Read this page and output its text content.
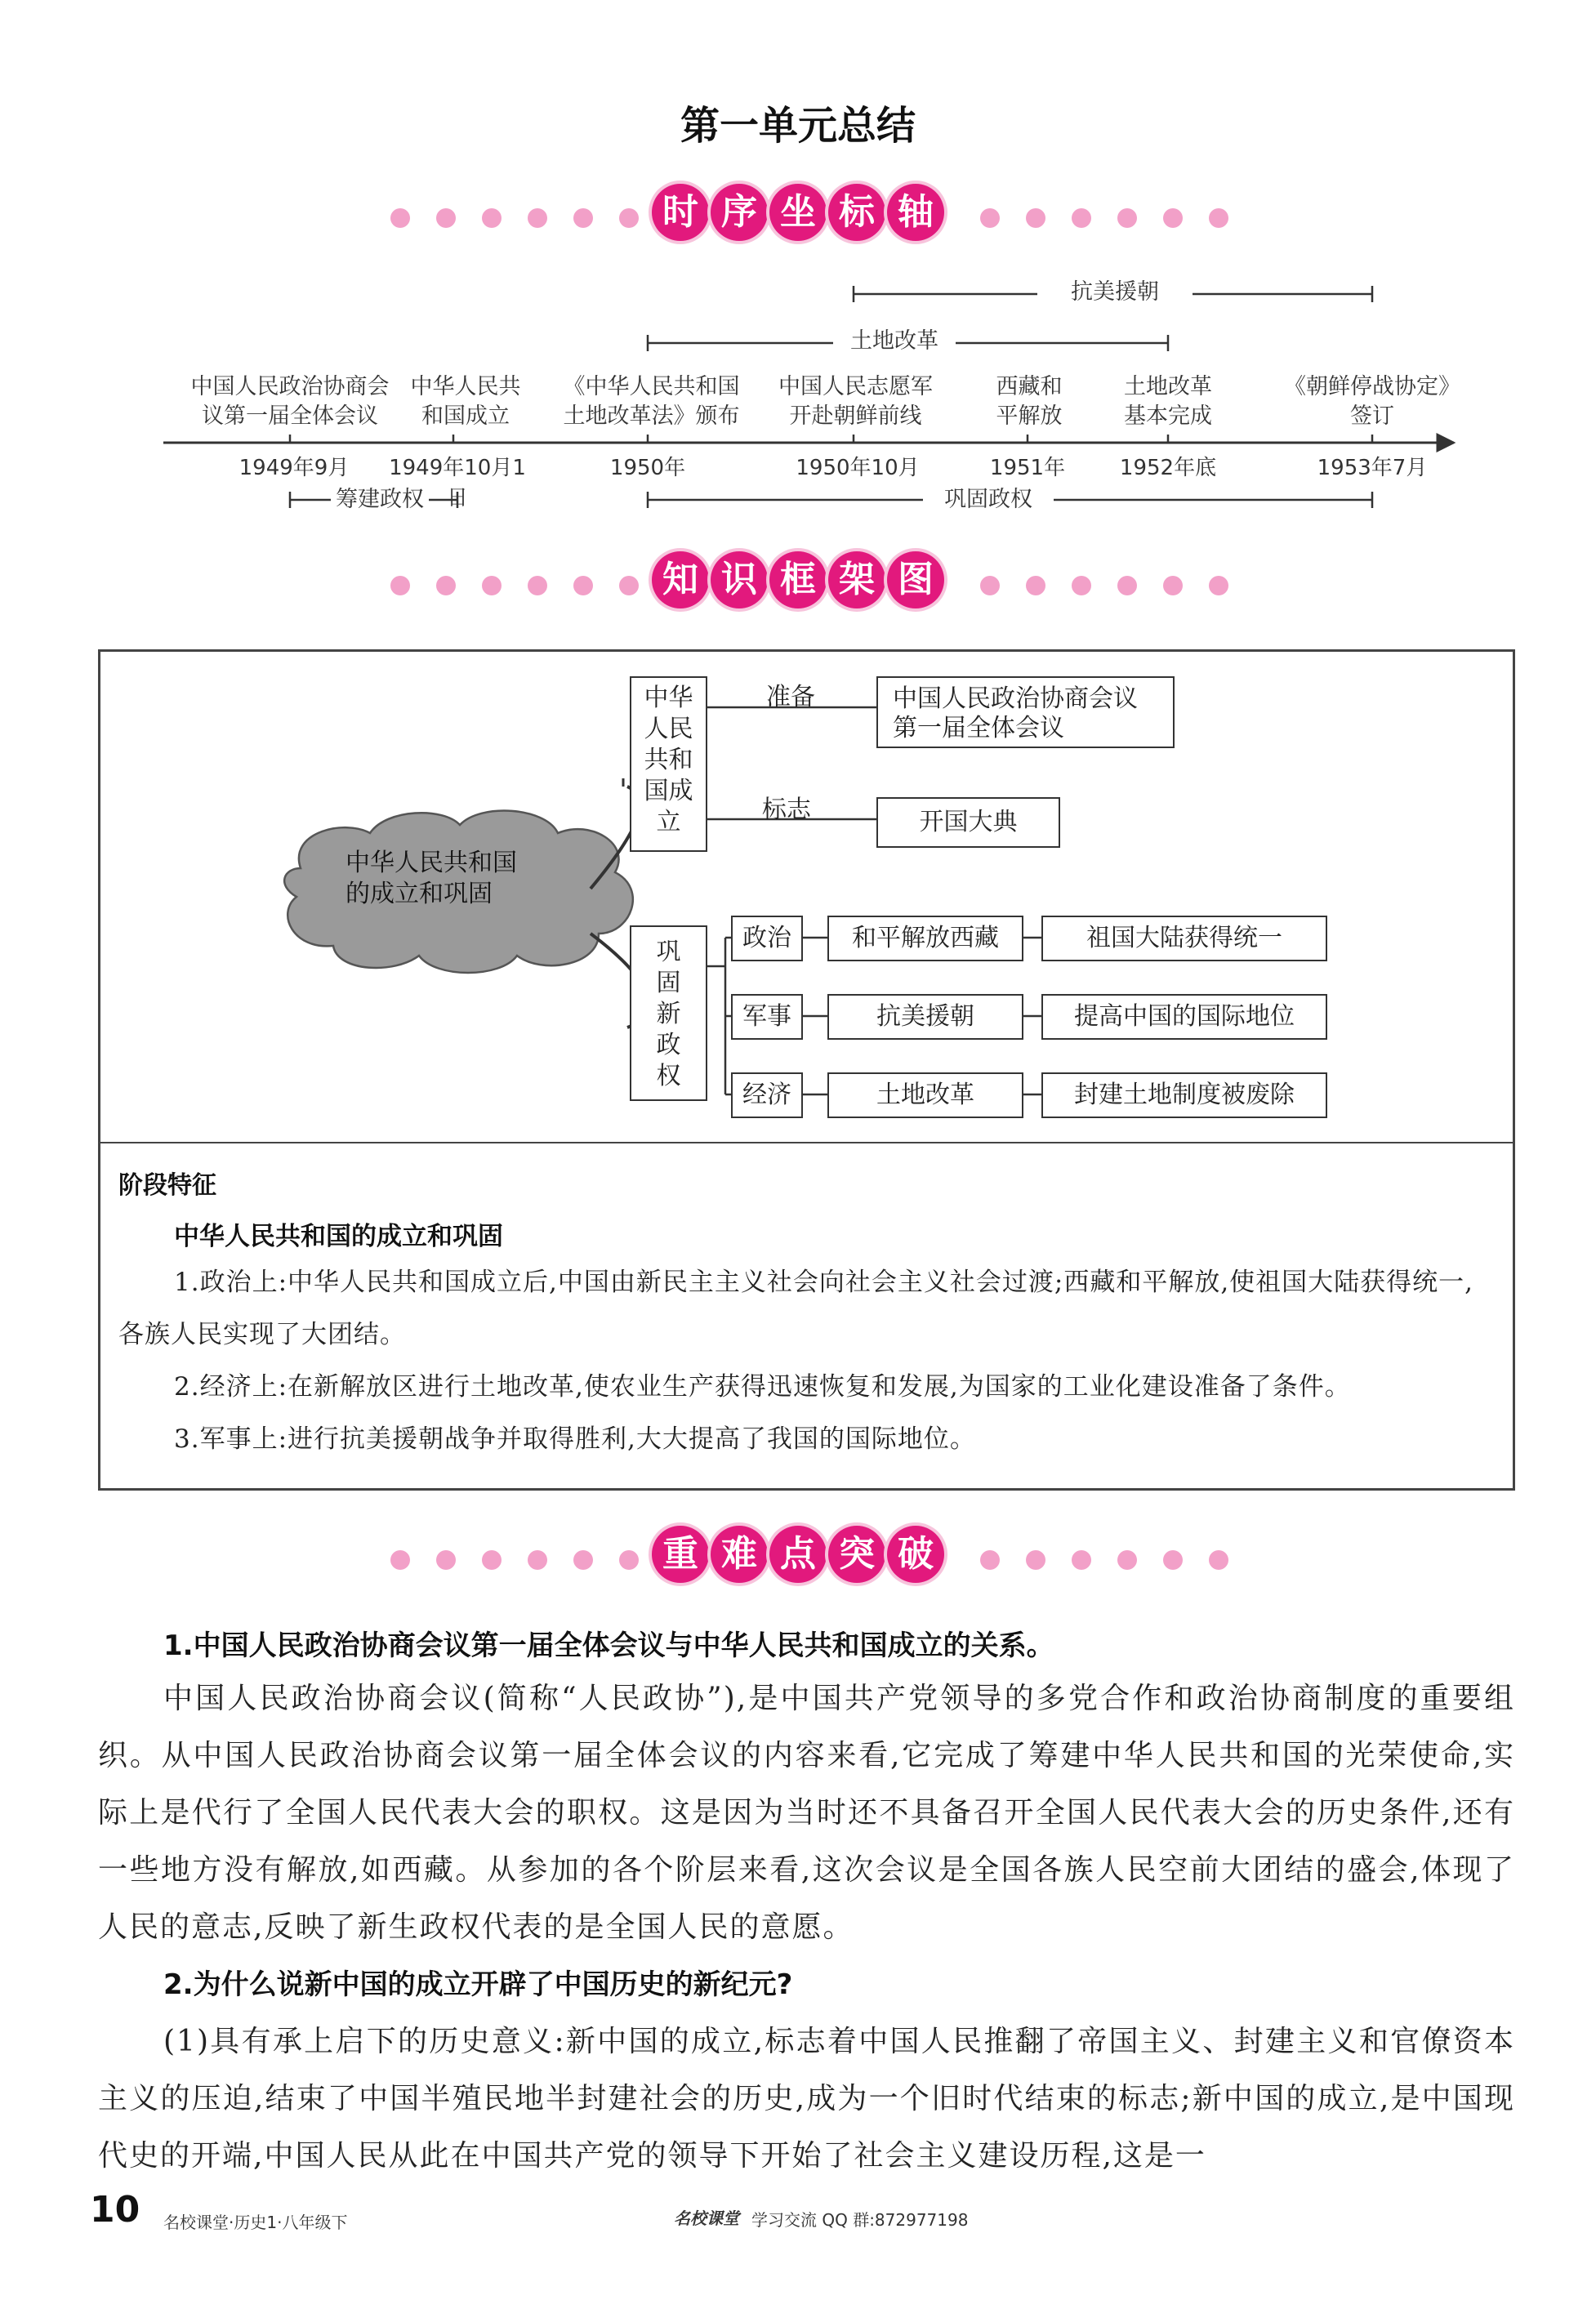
第一单元总结
时 序 坐 标 轴
抗美援朝
土地改革
中国人民政治协商会
议第一届全体会议
中华人民共
和国成立
《中华人民共和国
土地改革法》颁布
中国人民志愿军
开赴朝鲜前线
西藏和
平解放
土地改革
基本完成
《朝鲜停战协定》
签订
1949年9月 1949年10月1日
1950年	1950年10月	1951年	1952年底	1953年7月
筹建政权	巩固政权
知 识 框 架 图
中华人民共和国
的成立和巩固
中华
人民
共和
国成
立
准备	中国人民政治协商会议
第一届全体会议
标志	开国大典
巩
固
新
政
权
政治	和平解放西藏	祖国大陆获得统一
军事	抗美援朝	提高中国的国际地位
经济	土地改革	封建土地制度被废除
阶段特征
中华人民共和国的成立和巩固
1.政治上:中华人民共和国成立后,中国由新民主主义社会向社会主义社会过渡;西藏和平解放,使祖国大陆获得统一,各族人民实现了大团结。
2.经济上:在新解放区进行土地改革,使农业生产获得迅速恢复和发展,为国家的工业化建设准备了条件。
3.军事上:进行抗美援朝战争并取得胜利,大大提高了我国的国际地位。
重 难 点 突 破
1.中国人民政治协商会议第一届全体会议与中华人民共和国成立的关系。
中国人民政治协商会议(简称“人民政协”),是中国共产党领导的多党合作和政治协商制度的重要组织。从中国人民政治协商会议第一届全体会议的内容来看,它完成了筹建中华人民共和国的光荣使命,实际上是代行了全国人民代表大会的职权。这是因为当时还不具备召开全国人民代表大会的历史条件,还有一些地方没有解放,如西藏。从参加的各个阶层来看,这次会议是全国各族人民空前大团结的盛会,体现了人民的意志,反映了新生政权代表的是全国人民的意愿。
2.为什么说新中国的成立开辟了中国历史的新纪元?
(1)具有承上启下的历史意义:新中国的成立,标志着中国人民推翻了帝国主义、封建主义和官僚资本主义的压迫,结束了中国半殖民地半封建社会的历史,成为一个旧时代结束的标志;新中国的成立,是中国现代史的开端,中国人民从此在中国共产党的领导下开始了社会主义建设历程,这是一
10 名校课堂·历史1·八年级下	名校课堂 学习交流 QQ 群:872977198
